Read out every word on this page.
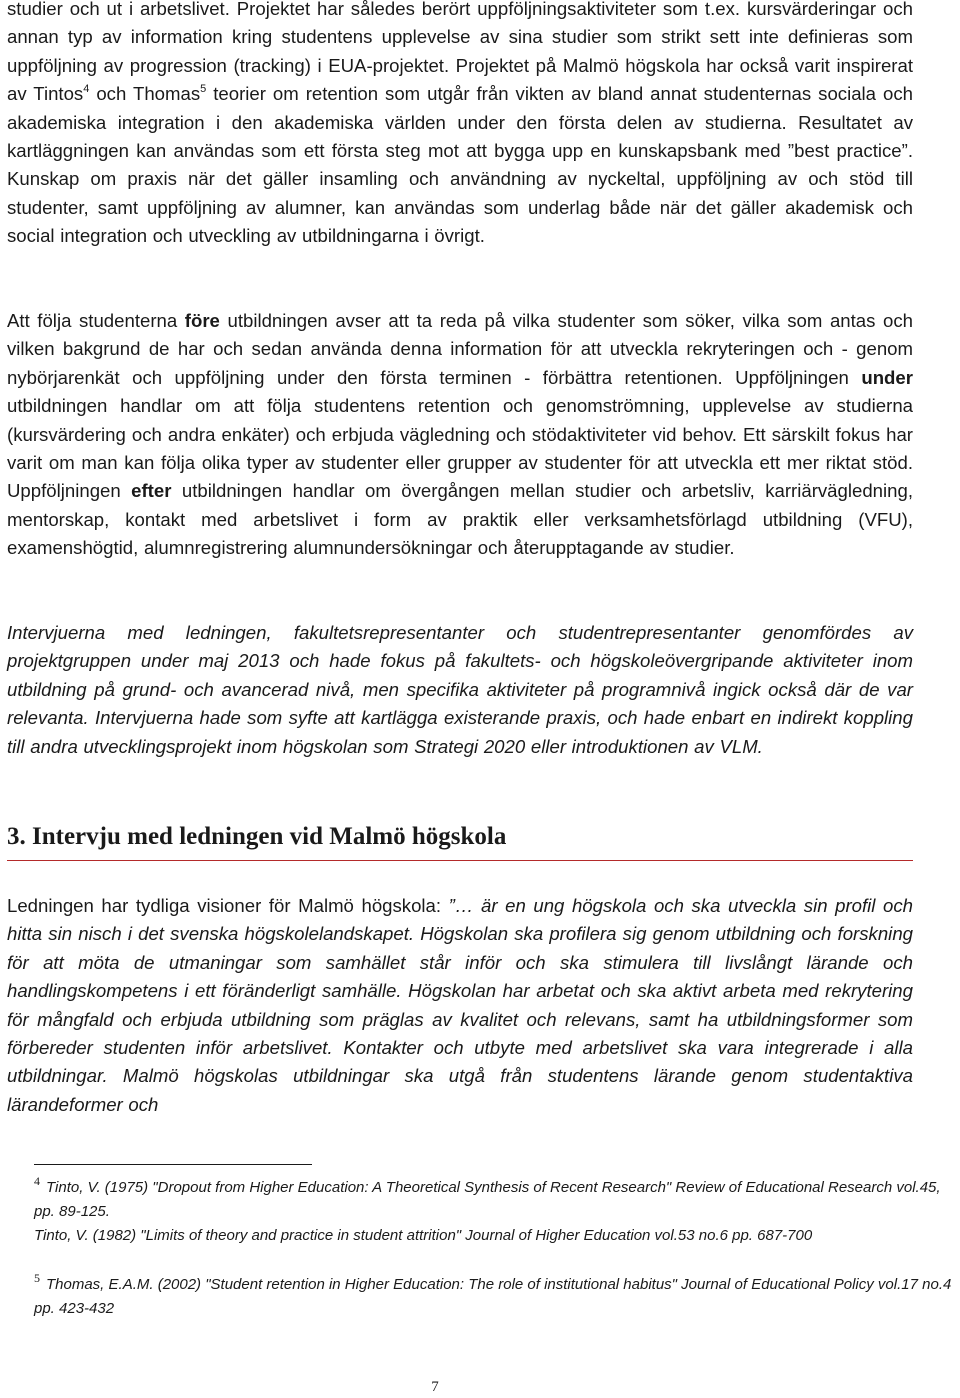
studier och ut i arbetslivet. Projektet har således berört uppföljningsaktiviteter som t.ex. kursvärderingar och annan typ av information kring studentens upplevelse av sina studier som strikt sett inte definieras som uppföljning av progression (tracking) i EUA-projektet. Projektet på Malmö högskola har också varit inspirerat av Tintos$^4$ och Thomas$^5$ teorier om retention som utgår från vikten av bland annat studenternas sociala och akademiska integration i den akademiska världen under den första delen av studierna. Resultatet av kartläggningen kan användas som ett första steg mot att bygga upp en kunskapsbank med ”best practice”. Kunskap om praxis när det gäller insamling och användning av nyckeltal, uppföljning av och stöd till studenter, samt uppföljning av alumner, kan användas som underlag både när det gäller akademisk och social integration och utveckling av utbildningarna i övrigt.

Att följa studenterna före utbildningen avser att ta reda på vilka studenter som söker, vilka som antas och vilken bakgrund de har och sedan använda denna information för att utveckla rekryteringen och - genom nybörjarenkät och uppföljning under den första terminen - förbättra retentionen. Uppföljningen under utbildningen handlar om att följa studentens retention och genomströmning, upplevelse av studierna (kursvärdering och andra enkäter) och erbjuda vägledning och stödaktiviteter vid behov. Ett särskilt fokus har varit om man kan följa olika typer av studenter eller grupper av studenter för att utveckla ett mer riktat stöd. Uppföljningen efter utbildningen handlar om övergången mellan studier och arbetsliv, karriärvägledning, mentorskap, kontakt med arbetslivet i form av praktik eller verksamhetsförlagd utbildning (VFU), examenshögtid, alumnregistrering alumnundersökningar och återupptagande av studier.

Intervjuerna med ledningen, fakultetsrepresentanter och studentrepresentanter genomfördes av projektgruppen under maj 2013 och hade fokus på fakultets- och högskoleövergripande aktiviteter inom utbildning på grund- och avancerad nivå, men specifika aktiviteter på programnivå ingick också där de var relevanta. Intervjuerna hade som syfte att kartlägga existerande praxis, och hade enbart en indirekt koppling till andra utvecklingsprojekt inom högskolan som Strategi 2020 eller introduktionen av VLM.

3. Intervju med ledningen vid Malmö högskola

Ledningen har tydliga visioner för Malmö högskola: ”… är en ung högskola och ska utveckla sin profil och hitta sin nisch i det svenska högskolelandskapet. Högskolan ska profilera sig genom utbildning och forskning för att möta de utmaningar som samhället står inför och ska stimulera till livslångt lärande och handlingskompetens i ett föränderligt samhälle. Högskolan har arbetat och ska aktivt arbeta med rekrytering för mångfald och erbjuda utbildning som präglas av kvalitet och relevans, samt ha utbildningsformer som förbereder studenten inför arbetslivet. Kontakter och utbyte med arbetslivet ska vara integrerade i alla utbildningar. Malmö högskolas utbildningar ska utgå från studentens lärande genom studentaktiva lärandeformer och

$^4$ Tinto, V. (1975) "Dropout from Higher Education: A Theoretical Synthesis of Recent Research" Review of Educational Research vol.45, pp. 89-125.

Tinto, V. (1982) "Limits of theory and practice in student attrition" Journal of Higher Education vol.53 no.6 pp. 687-700

$^5$ Thomas, E.A.M. (2002) "Student retention in Higher Education: The role of institutional habitus" Journal of Educational Policy vol.17 no.4 pp. 423-432

7
